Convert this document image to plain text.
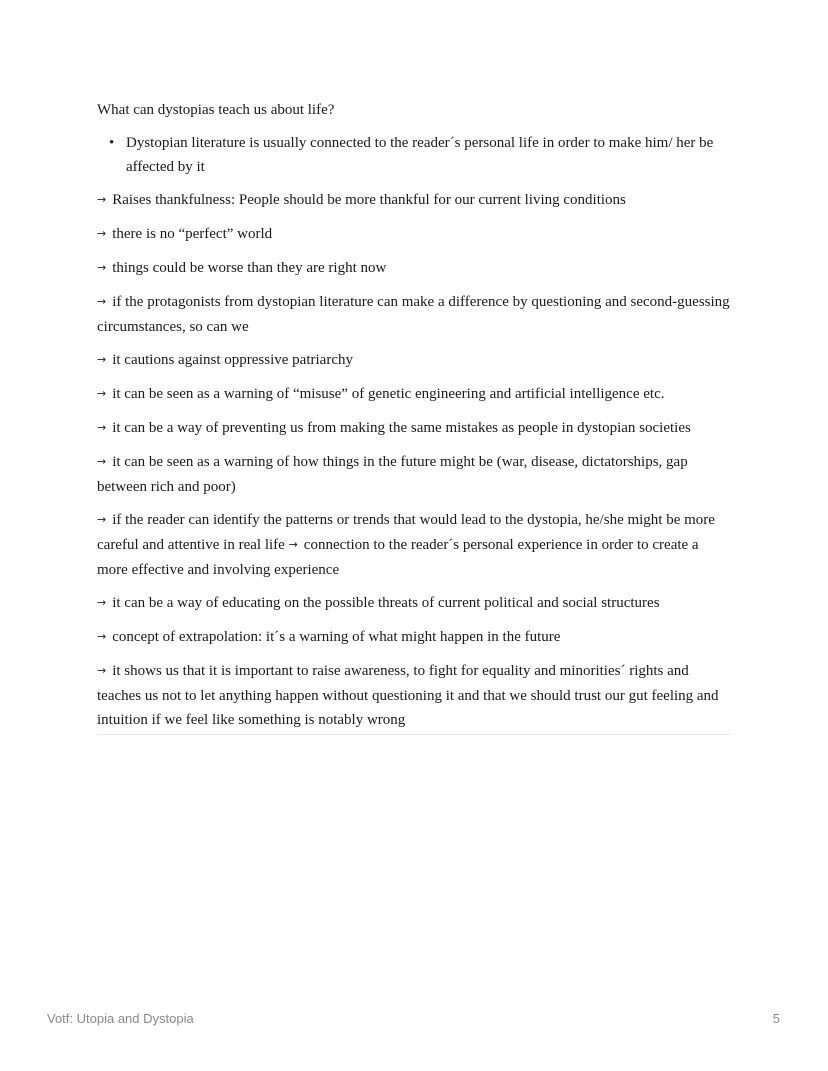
What can dystopias teach us about life?

• Dystopian literature is usually connected to the reader´s personal life in order to make him/ her be affected by it

→ Raises thankfulness: People should be more thankful for our current living conditions

→ there is no “perfect” world

→ things could be worse than they are right now

→ if the protagonists from dystopian literature can make a difference by questioning and second-guessing circumstances, so can we

→ it cautions against oppressive patriarchy

→ it can be seen as a warning of “misuse” of genetic engineering and artificial intelligence etc.

→ it can be a way of preventing us from making the same mistakes as people in dystopian societies

→ it can be seen as a warning of how things in the future might be (war, disease, dictatorships, gap between rich and poor)

→ if the reader can identify the patterns or trends that would lead to the dystopia, he/she might be more careful and attentive in real life → connection to the reader´s personal experience in order to create a more effective and involving experience

→ it can be a way of educating on the possible threats of current political and social structures

→ concept of extrapolation: it´s a warning of what might happen in the future

→ it shows us that it is important to raise awareness, to fight for equality and minorities´ rights and teaches us not to let anything happen without questioning it and that we should trust our gut feeling and intuition if we feel like something is notably wrong

Votf: Utopia and Dystopia	5
